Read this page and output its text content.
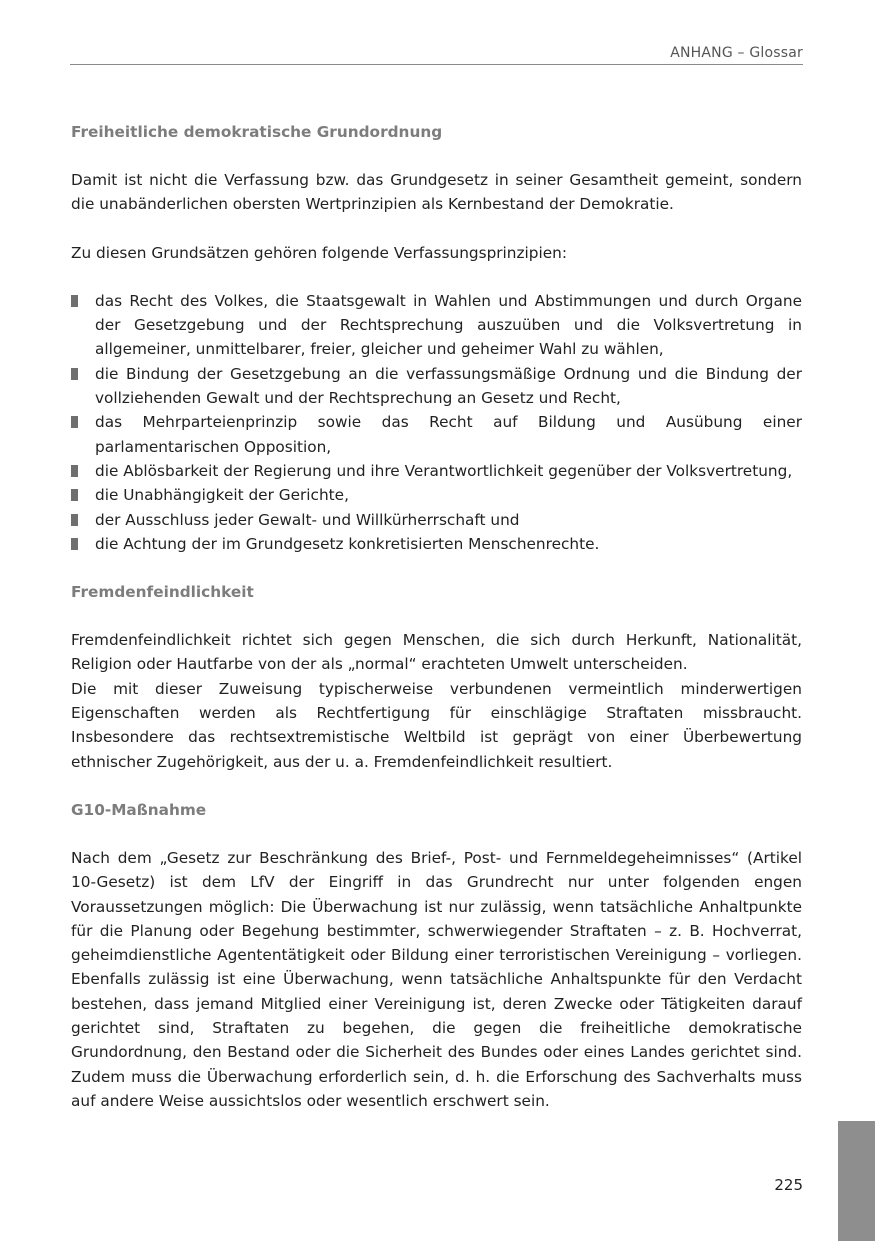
ANHANG – Glossar
Freiheitliche demokratische Grundordnung

Damit ist nicht die Verfassung bzw. das Grundgesetz in seiner Gesamtheit gemeint, sondern die unabänderlichen obersten Wertprinzipien als Kernbestand der Demokratie.

Zu diesen Grundsätzen gehören folgende Verfassungsprinzipien:

das Recht des Volkes, die Staatsgewalt in Wahlen und Abstimmungen und durch Organe der Gesetzgebung und der Rechtsprechung auszuüben und die Volksvertretung in allgemeiner, unmittelbarer, freier, gleicher und geheimer Wahl zu wählen,
die Bindung der Gesetzgebung an die verfassungsmäßige Ordnung und die Bindung der vollziehenden Gewalt und der Rechtsprechung an Gesetz und Recht,
das Mehrparteienprinzip sowie das Recht auf Bildung und Ausübung einer parlamentarischen Opposition,
die Ablösbarkeit der Regierung und ihre Verantwortlichkeit gegenüber der Volksvertretung,
die Unabhängigkeit der Gerichte,
der Ausschluss jeder Gewalt- und Willkürherrschaft und
die Achtung der im Grundgesetz konkretisierten Menschenrechte.
Fremdenfeindlichkeit

Fremdenfeindlichkeit richtet sich gegen Menschen, die sich durch Herkunft, Nationalität, Religion oder Hautfarbe von der als „normal“ erachteten Umwelt unterscheiden.

Die mit dieser Zuweisung typischerweise verbundenen vermeintlich minderwertigen Eigenschaften werden als Rechtfertigung für einschlägige Straftaten missbraucht. Insbesondere das rechtsextremistische Weltbild ist geprägt von einer Überbewertung ethnischer Zugehörigkeit, aus der u. a. Fremdenfeindlichkeit resultiert.

G10-Maßnahme

Nach dem „Gesetz zur Beschränkung des Brief-, Post- und Fernmeldegeheimnisses“ (Artikel 10-Gesetz) ist dem LfV der Eingriff in das Grundrecht nur unter folgenden engen Voraussetzungen möglich: Die Überwachung ist nur zulässig, wenn tatsächliche Anhaltpunkte für die Planung oder Begehung bestimmter, schwerwiegender Straftaten – z. B. Hochverrat, geheimdienstliche Agententätigkeit oder Bildung einer terroristischen Vereinigung – vorliegen. Ebenfalls zulässig ist eine Überwachung, wenn tatsächliche Anhaltspunkte für den Verdacht bestehen, dass jemand Mitglied einer Vereinigung ist, deren Zwecke oder Tätigkeiten darauf gerichtet sind, Straftaten zu begehen, die gegen die freiheitliche demokratische Grundordnung, den Bestand oder die Sicherheit des Bundes oder eines Landes gerichtet sind. Zudem muss die Überwachung erforderlich sein, d. h. die Erforschung des Sachverhalts muss auf andere Weise aussichtslos oder wesentlich erschwert sein.

225
